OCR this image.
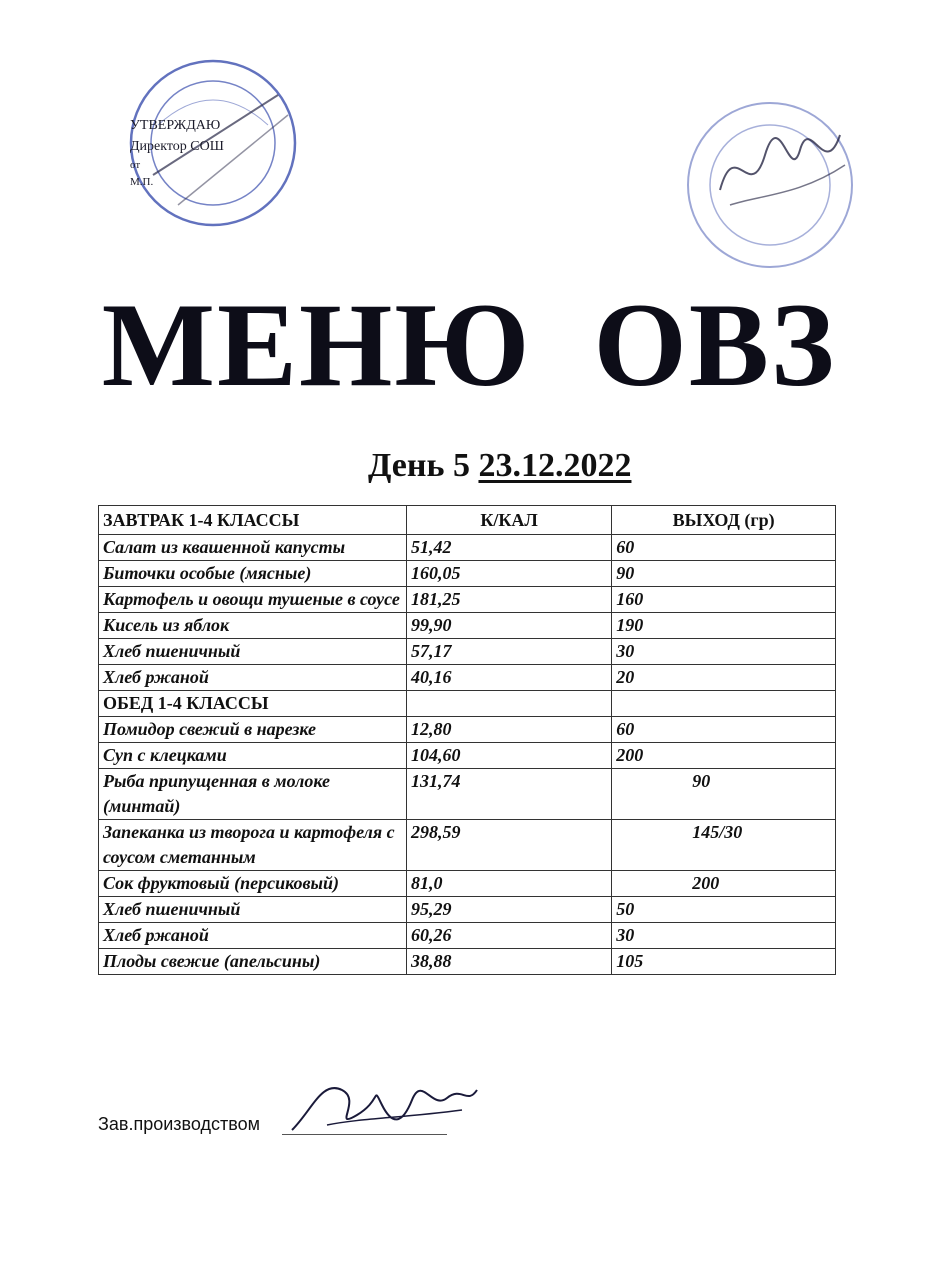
УТВЕРЖДАЮ
Директор СОШ
от
М.П.
МЕНЮ ОВЗ
День 5 23.12.2022
ЗАВТРАК 1-4 КЛАССЫ	К/КАЛ	ВЫХОД (гр)
Салат из квашенной капусты	51,42	60
Биточки особые (мясные)	160,05	90
Картофель и овощи тушеные в соусе	181,25	160
Кисель из яблок	99,90	190
Хлеб пшеничный	57,17	30
Хлеб ржаной	40,16	20
ОБЕД 1-4 КЛАССЫ		
Помидор свежий в нарезке	12,80	60
Суп с клецками	104,60	200
Рыба припущенная в молоке (минтай)	131,74	90
Запеканка из творога и картофеля с соусом сметанным	298,59	145/30
Сок фруктовый (персиковый)	81,0	200
Хлеб пшеничный	95,29	50
Хлеб ржаной	60,26	30
Плоды свежие (апельсины)	38,88	105
Зав.производством
